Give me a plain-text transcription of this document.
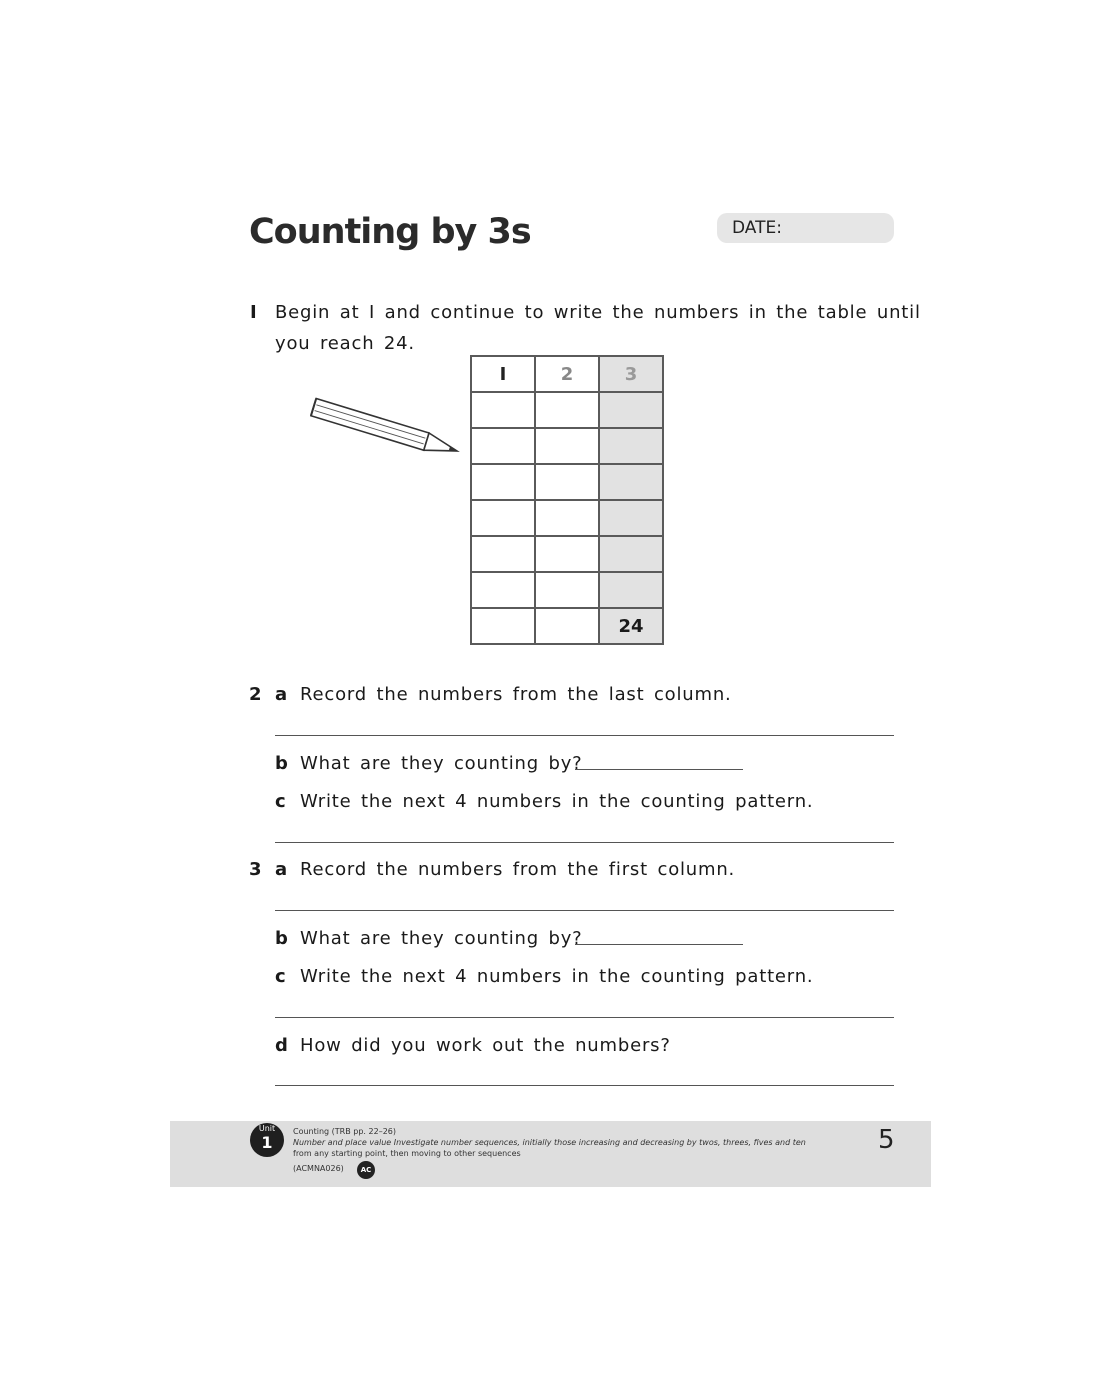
Counting by 3s	DATE:
I Begin at I and continue to write the numbers in the table until
you reach 24.
I	2	3

		24
2 a Record the numbers from the last column.
b What are they counting by?
c Write the next 4 numbers in the counting pattern.
3 a Record the numbers from the first column.
b What are they counting by?
c Write the next 4 numbers in the counting pattern.
d How did you work out the numbers?
Unit
1
Counting (TRB pp. 22–26)
Number and place value Investigate number sequences, initially those increasing and decreasing by twos, threes, fives and ten
from any starting point, then moving to other sequences
(ACMNA026)	AC
5
